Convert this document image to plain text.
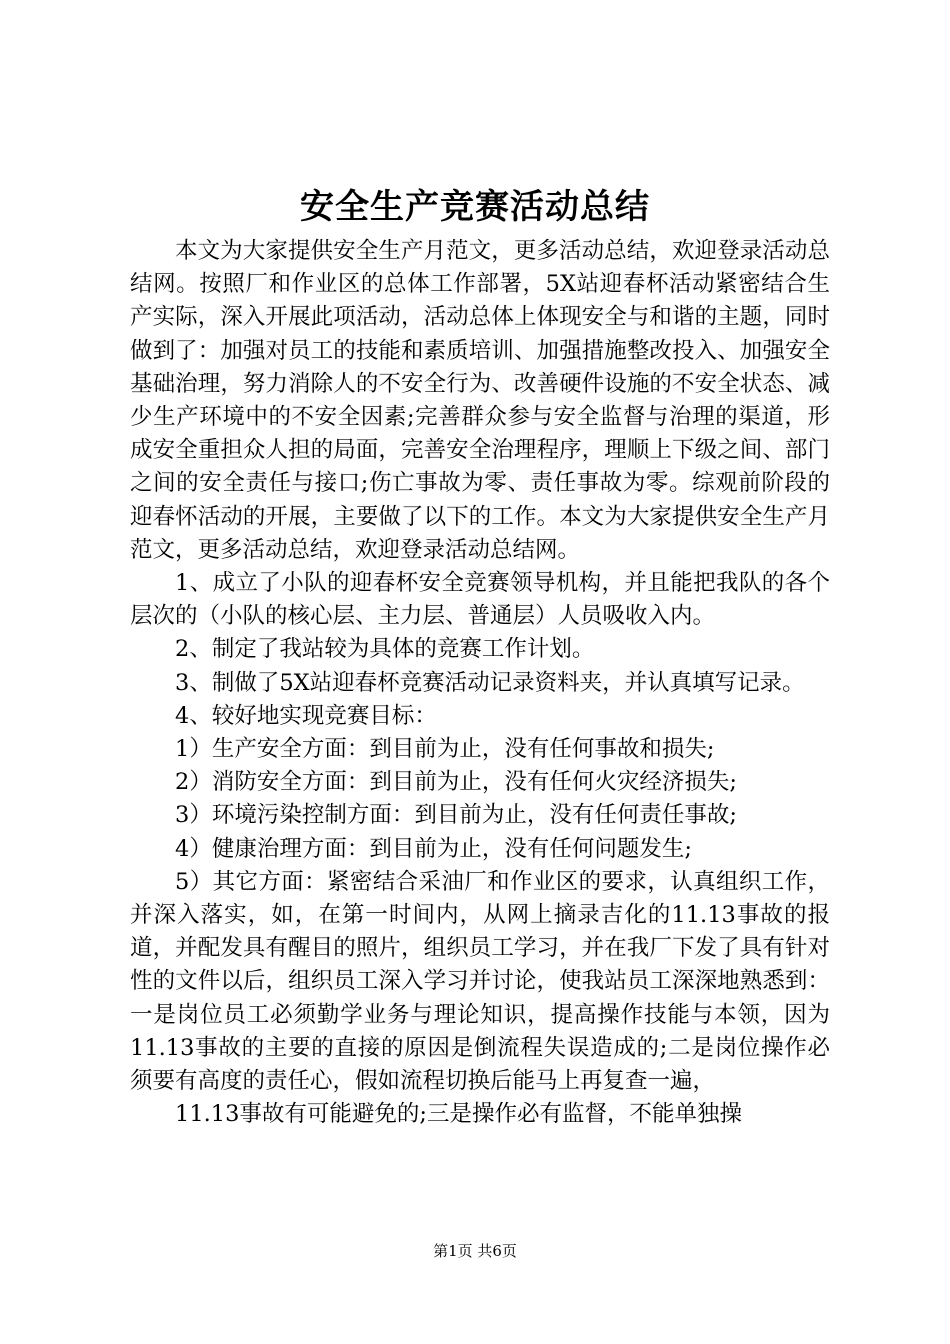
安全生产竞赛活动总结

本文为大家提供安全生产月范文，更多活动总结，欢迎登录活动总结网。按照厂和作业区的总体工作部署，5X站迎春杯活动紧密结合生产实际，深入开展此项活动，活动总体上体现安全与和谐的主题，同时做到了：加强对员工的技能和素质培训、加强措施整改投入、加强安全基础治理，努力消除人的不安全行为、改善硬件设施的不安全状态、减少生产环境中的不安全因素;完善群众参与安全监督与治理的渠道，形成安全重担众人担的局面，完善安全治理程序，理顺上下级之间、部门之间的安全责任与接口;伤亡事故为零、责任事故为零。综观前阶段的迎春怀活动的开展，主要做了以下的工作。本文为大家提供安全生产月范文，更多活动总结，欢迎登录活动总结网。

1、成立了小队的迎春杯安全竞赛领导机构，并且能把我队的各个层次的（小队的核心层、主力层、普通层）人员吸收入内。

2、制定了我站较为具体的竞赛工作计划。

3、制做了5X站迎春杯竞赛活动记录资料夹，并认真填写记录。

4、较好地实现竞赛目标：

1）生产安全方面：到目前为止，没有任何事故和损失;

2）消防安全方面：到目前为止，没有任何火灾经济损失;

3）环境污染控制方面：到目前为止，没有任何责任事故;

4）健康治理方面：到目前为止，没有任何问题发生;

5）其它方面：紧密结合采油厂和作业区的要求，认真组织工作，并深入落实，如，在第一时间内，从网上摘录吉化的11.13事故的报道，并配发具有醒目的照片，组织员工学习，并在我厂下发了具有针对性的文件以后，组织员工深入学习并讨论，使我站员工深深地熟悉到：一是岗位员工必须勤学业务与理论知识，提高操作技能与本领，因为11.13事故的主要的直接的原因是倒流程失误造成的;二是岗位操作必须要有高度的责任心，假如流程切换后能马上再复查一遍，

11.13事故有可能避免的;三是操作必有监督，不能单独操

第1页 共6页
